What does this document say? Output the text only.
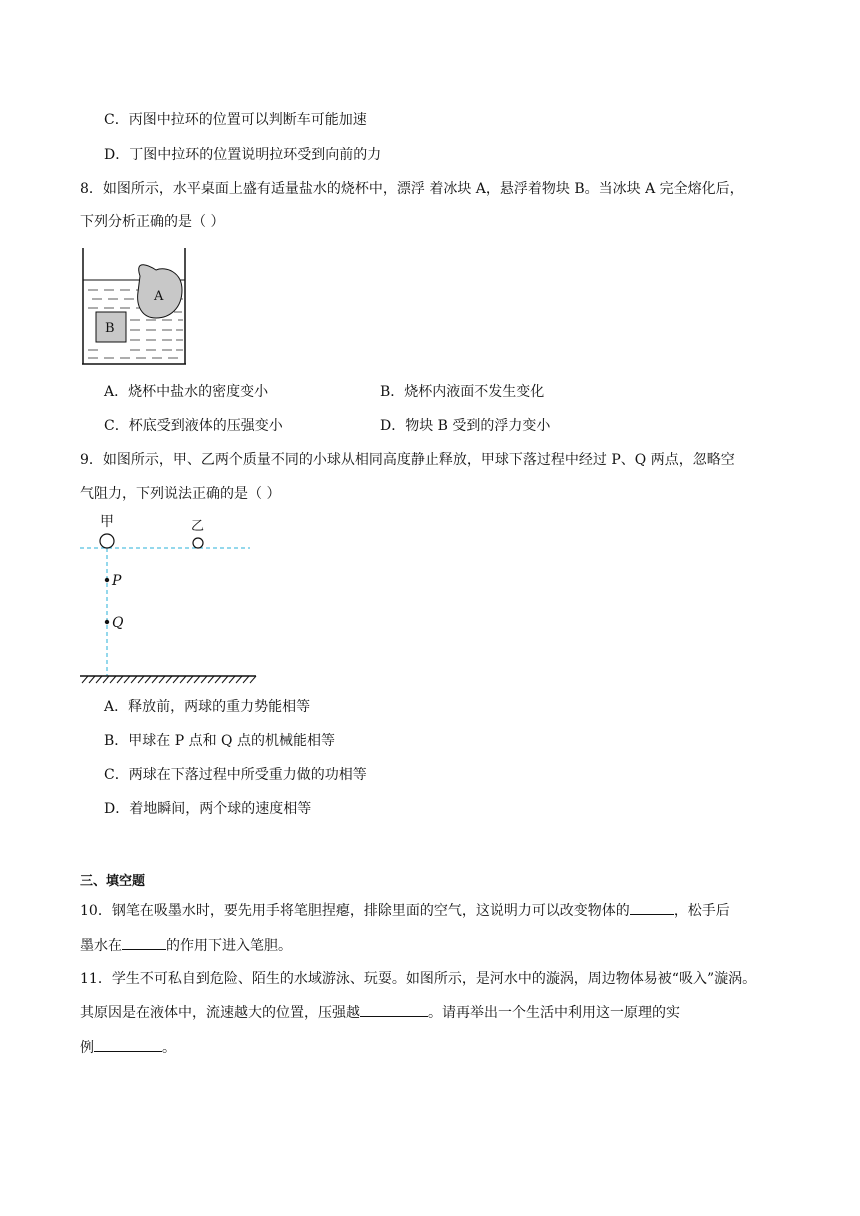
C．丙图中拉环的位置可以判断车可能加速
D．丁图中拉环的位置说明拉环受到向前的力
8．如图所示，水平桌面上盛有适量盐水的烧杯中，漂浮 着冰块 A，悬浮着物块 B。当冰块 A 完全熔化后，
下列分析正确的是（ ）
A
B
A．烧杯中盐水的密度变小	B．烧杯内液面不发生变化
C．杯底受到液体的压强变小	D．物块 B 受到的浮力变小
9．如图所示，甲、乙两个质量不同的小球从相同高度静止释放，甲球下落过程中经过 P、Q 两点，忽略空
气阻力，下列说法正确的是（ ）
甲	乙
P
Q
A．释放前，两球的重力势能相等
B．甲球在 P 点和 Q 点的机械能相等
C．两球在下落过程中所受重力做的功相等
D．着地瞬间，两个球的速度相等
三、填空题
10．钢笔在吸墨水时，要先用手将笔胆捏瘪，排除里面的空气，这说明力可以改变物体的	，松手后
墨水在	的作用下进入笔胆。
11．学生不可私自到危险、陌生的水域游泳、玩耍。如图所示，是河水中的漩涡，周边物体易被“吸入”漩涡。
其原因是在液体中，流速越大的位置，压强越	。请再举出一个生活中利用这一原理的实
例	。
